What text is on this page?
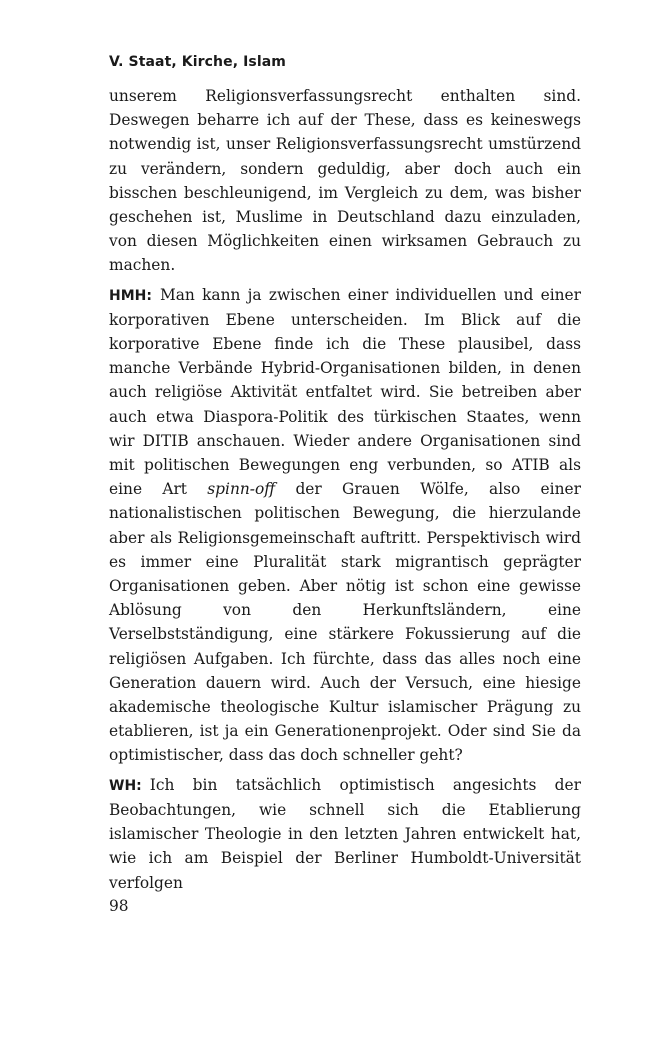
V. Staat, Kirche, Islam

unserem Religionsverfassungsrecht enthalten sind. Deswegen beharre ich auf der These, dass es keineswegs notwendig ist, unser Religionsverfassungsrecht umstürzend zu verändern, sondern geduldig, aber doch auch ein bisschen beschleunigend, im Vergleich zu dem, was bisher geschehen ist, Muslime in Deutschland dazu einzuladen, von diesen Möglichkeiten einen wirksamen Gebrauch zu machen.

HMH: Man kann ja zwischen einer individuellen und einer korporativen Ebene unterscheiden. Im Blick auf die korporative Ebene finde ich die These plausibel, dass manche Verbände Hybrid-Organisationen bilden, in denen auch religiöse Aktivität entfaltet wird. Sie betreiben aber auch etwa Diaspora-Politik des türkischen Staates, wenn wir DITIB anschauen. Wieder andere Organisationen sind mit politischen Bewegungen eng verbunden, so ATIB als eine Art spinn-off der Grauen Wölfe, also einer nationalistischen politischen Bewegung, die hierzulande aber als Religionsgemeinschaft auftritt. Perspektivisch wird es immer eine Pluralität stark migrantisch geprägter Organisationen geben. Aber nötig ist schon eine gewisse Ablösung von den Herkunftsländern, eine Verselbstständigung, eine stärkere Fokussierung auf die religiösen Aufgaben. Ich fürchte, dass das alles noch eine Generation dauern wird. Auch der Versuch, eine hiesige akademische theologische Kultur islamischer Prägung zu etablieren, ist ja ein Generationenprojekt. Oder sind Sie da optimistischer, dass das doch schneller geht?

WH: Ich bin tatsächlich optimistisch angesichts der Beobachtungen, wie schnell sich die Etablierung islamischer Theologie in den letzten Jahren entwickelt hat, wie ich am Beispiel der Berliner Humboldt-Universität verfolgen

98
